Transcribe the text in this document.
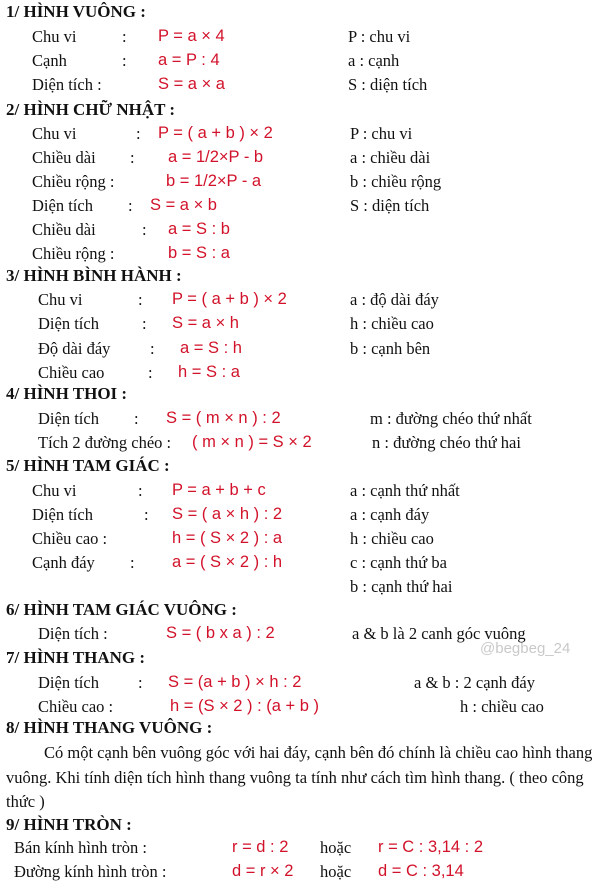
@begbeg_24
1/ HÌNH VUÔNG :
Chu vi	: P = a × 4	P : chu vi
Cạnh	: a = P : 4	a : cạnh
Diện tích :	S = a × a	S : diện tích
2/ HÌNH CHỮ NHẬT :
Chu vi	: P = ( a + b ) × 2	P : chu vi
Chiều dài : a = 1/2×P - b	a : chiều dài
Chiều rộng :	b = 1/2×P - a	b : chiều rộng
Diện tích : S = a × b	S : diện tích
Chiều dài	: a = S : b
Chiều rộng :	b = S : a
3/ HÌNH BÌNH HÀNH :
Chu vi	: P = ( a + b ) × 2	a : độ dài đáy
Diện tích	: S = a × h	h : chiều cao
Độ dài đáy : a = S : h	b : cạnh bên
Chiều cao	: h = S : a
4/ HÌNH THOI :
Diện tích : S = ( m × n ) : 2	m : đường chéo thứ nhất
Tích 2 đường chéo : ( m × n ) = S × 2	n : đường chéo thứ hai
5/ HÌNH TAM GIÁC :
Chu vi	: P = a + b + c	a : cạnh thứ nhất
Diện tích	: S = ( a × h ) : 2	a : cạnh đáy
Chiều cao :	h = ( S × 2 ) : a	h : chiều cao
Cạnh đáy : a = ( S × 2 ) : h	c : cạnh thứ ba
b : cạnh thứ hai
6/ HÌNH TAM GIÁC VUÔNG :
Diện tích :	S = ( b x a ) : 2	a & b là 2 canh góc vuông
7/ HÌNH THANG :
Diện tích : S = (a + b ) × h : 2	a & b : 2 cạnh đáy
Chiều cao :	h = (S × 2 ) : (a + b )	h : chiều cao
8/ HÌNH THANG VUÔNG :
Có một cạnh bên vuông góc với hai đáy, cạnh bên đó chính là chiều cao hình thang vuông. Khi tính diện tích hình thang vuông ta tính như cách tìm hình thang. ( theo công thức )
9/ HÌNH TRÒN :
Bán kính hình tròn :	r = d : 2 hoặc r = C : 3,14 : 2
Đường kính hình tròn :	d = r × 2 hoặc d = C : 3,14
